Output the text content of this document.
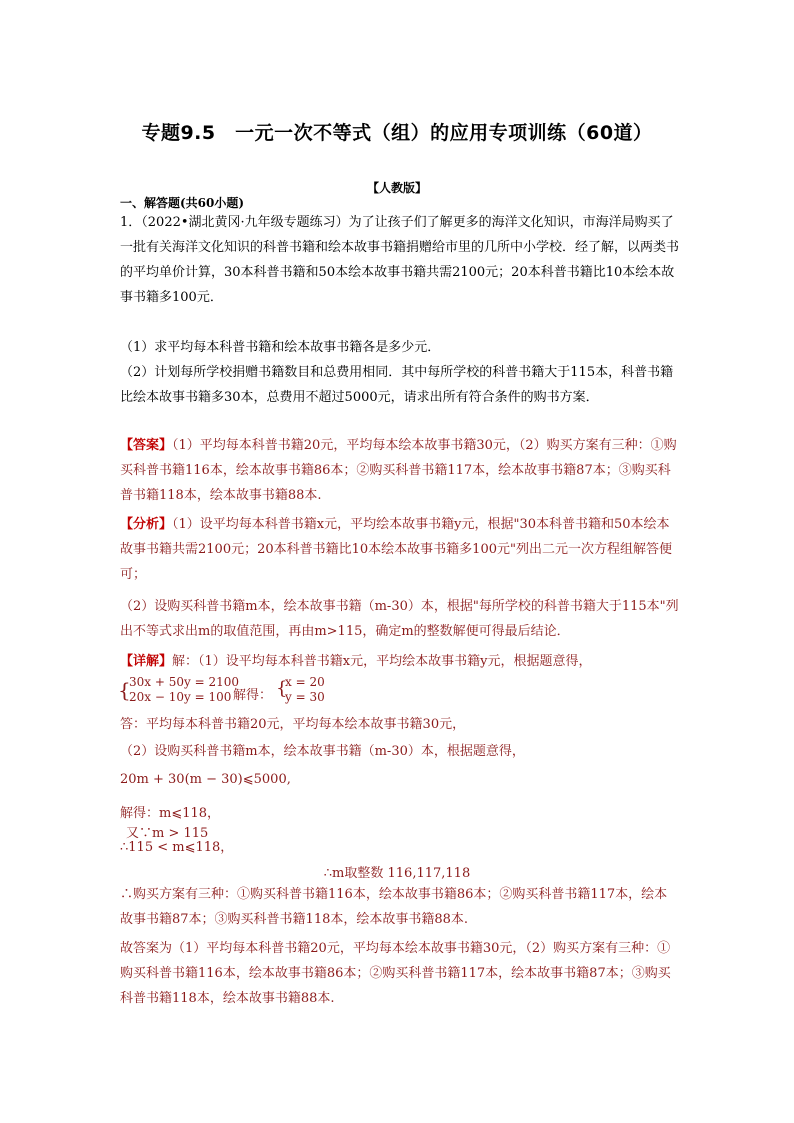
专题9.5　一元一次不等式（组）的应用专项训练（60道）
【人教版】
一、解答题(共60小题)

1．（2022•湖北黄冈·九年级专题练习）为了让孩子们了解更多的海洋文化知识，市海洋局购买了一批有关海洋文化知识的科普书籍和绘本故事书籍捐赠给市里的几所中小学校．经了解，以两类书的平均单价计算，30本科普书籍和50本绘本故事书籍共需2100元；20本科普书籍比10本绘本故事书籍多100元．

（1）求平均每本科普书籍和绘本故事书籍各是多少元．

（2）计划每所学校捐赠书籍数目和总费用相同．其中每所学校的科普书籍大于115本，科普书籍比绘本故事书籍多30本，总费用不超过5000元，请求出所有符合条件的购书方案．

【答案】（1）平均每本科普书籍20元，平均每本绘本故事书籍30元，（2）购买方案有三种：①购买科普书籍116本，绘本故事书籍86本；②购买科普书籍117本，绘本故事书籍87本；③购买科普书籍118本，绘本故事书籍88本.

【分析】（1）设平均每本科普书籍x元，平均绘本故事书籍y元，根据"30本科普书籍和50本绘本故事书籍共需2100元；20本科普书籍比10本绘本故事书籍多100元"列出二元一次方程组解答便可；

（2）设购买科普书籍m本，绘本故事书籍（m-30）本，根据"每所学校的科普书籍大于115本"列出不等式求出m的取值范围，再由m>115，确定m的整数解便可得最后结论．

【详解】解：（1）设平均每本科普书籍x元，平均绘本故事书籍y元，根据题意得，

{
30x + 50y = 2100
20x − 10y = 100 解得： {
x = 20
y = 30

答：平均每本科普书籍20元，平均每本绘本故事书籍30元，

（2）设购买科普书籍m本，绘本故事书籍（m-30）本，根据题意得，

20m + 30(m − 30)⩽5000,
解得：m⩽118，
又∵m > 115
∴115 < m⩽118，
∴m取整数 116,117,118

∴购买方案有三种：①购买科普书籍116本，绘本故事书籍86本；②购买科普书籍117本，绘本故事书籍87本；③购买科普书籍118本，绘本故事书籍88本.

故答案为（1）平均每本科普书籍20元，平均每本绘本故事书籍30元，（2）购买方案有三种：①购买科普书籍116本，绘本故事书籍86本；②购买科普书籍117本，绘本故事书籍87本；③购买科普书籍118本，绘本故事书籍88本.
